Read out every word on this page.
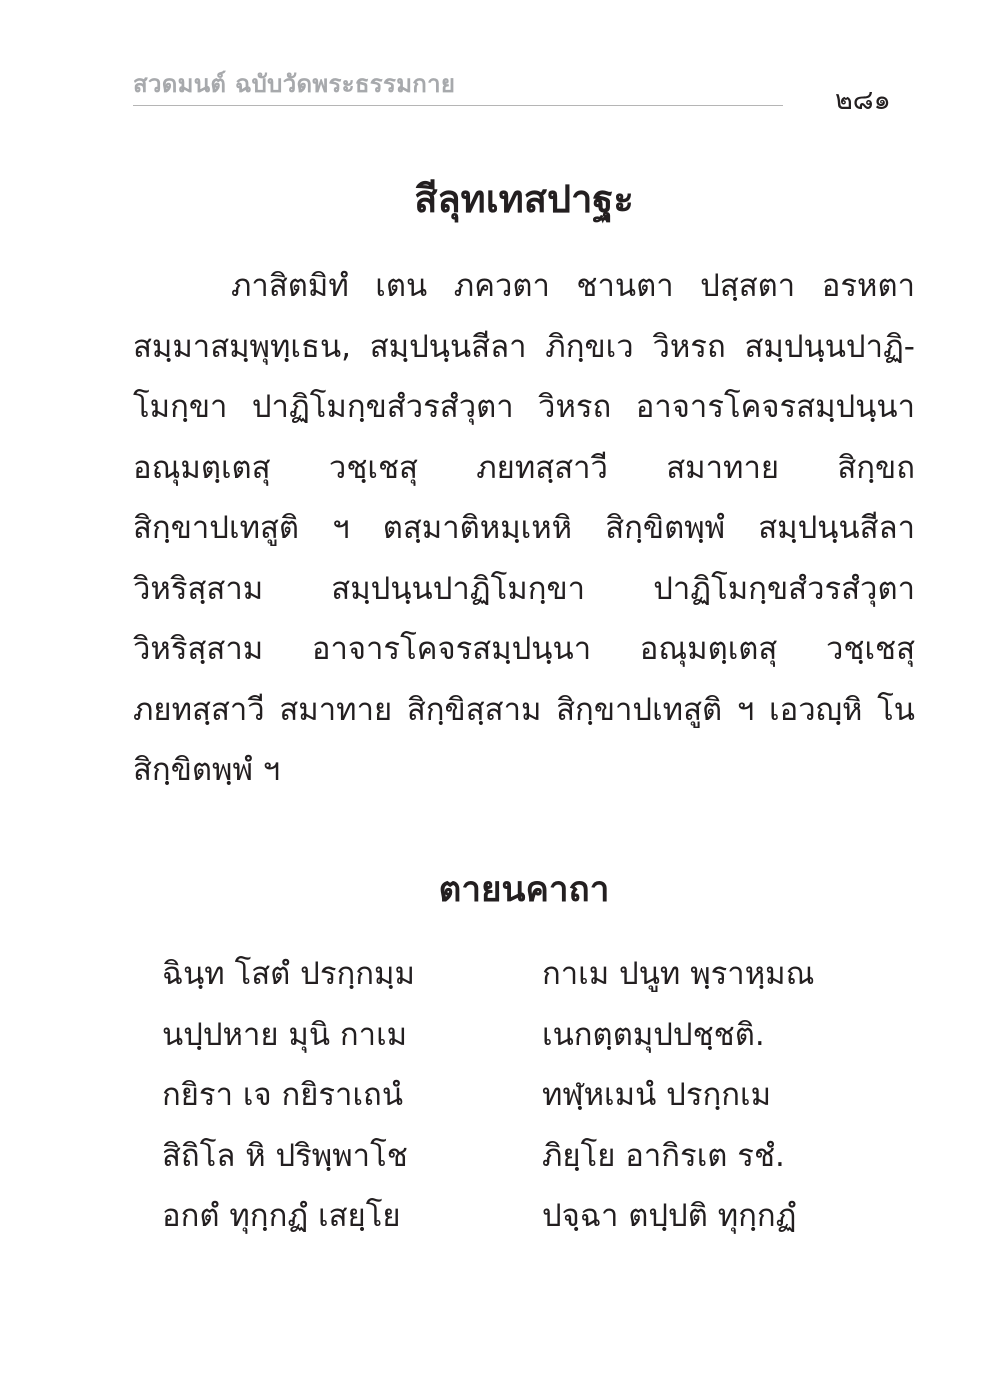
สวดมนต์ ฉบับวัดพระธรรมกาย
๒๘๑
สีลุทเทสปาฐะ
ภาสิตมิทํ เตน ภควตา ชานตา ปสฺสตา อรหตา
สมฺมาสมฺพุทฺเธน, สมฺปนฺนสีลา ภิกฺขเว วิหรถ สมฺปนฺนปาฏิ-
โมกฺขา ปาฏิโมกฺขสํวรสํวุตา วิหรถ อาจารโคจรสมฺปนฺนา
อณุมตฺเตสุ วชฺเชสุ ภยทสฺสาวี สมาทาย สิกฺขถ
สิกฺขาปเทสูติ ฯ ตสฺมาติหมฺเหหิ สิกฺขิตพฺพํ สมฺปนฺนสีลา
วิหริสฺสาม สมฺปนฺนปาฏิโมกฺขา ปาฏิโมกฺขสํวรสํวุตา
วิหริสฺสาม อาจารโคจรสมฺปนฺนา อณุมตฺเตสุ วชฺเชสุ
ภยทสฺสาวี สมาทาย สิกฺขิสฺสาม สิกฺขาปเทสูติ ฯ เอวญฺหิ โน
สิกฺขิตพฺพํ ฯ
ตายนคาถา
ฉินฺท โสตํ ปรกฺกมฺม	กาเม ปนูท พฺราหฺมณ
นปฺปหาย มุนิ กาเม	เนกตฺตมุปปชฺชติ.
กยิรา เจ กยิราเถนํ	ทฬฺหเมนํ ปรกฺกเม
สิถิโล หิ ปริพฺพาโช	ภิยฺโย อากิรเต รชํ.
อกตํ ทุกฺกฏํ เสยฺโย	ปจฺฉา ตปฺปติ ทุกฺกฏํ
